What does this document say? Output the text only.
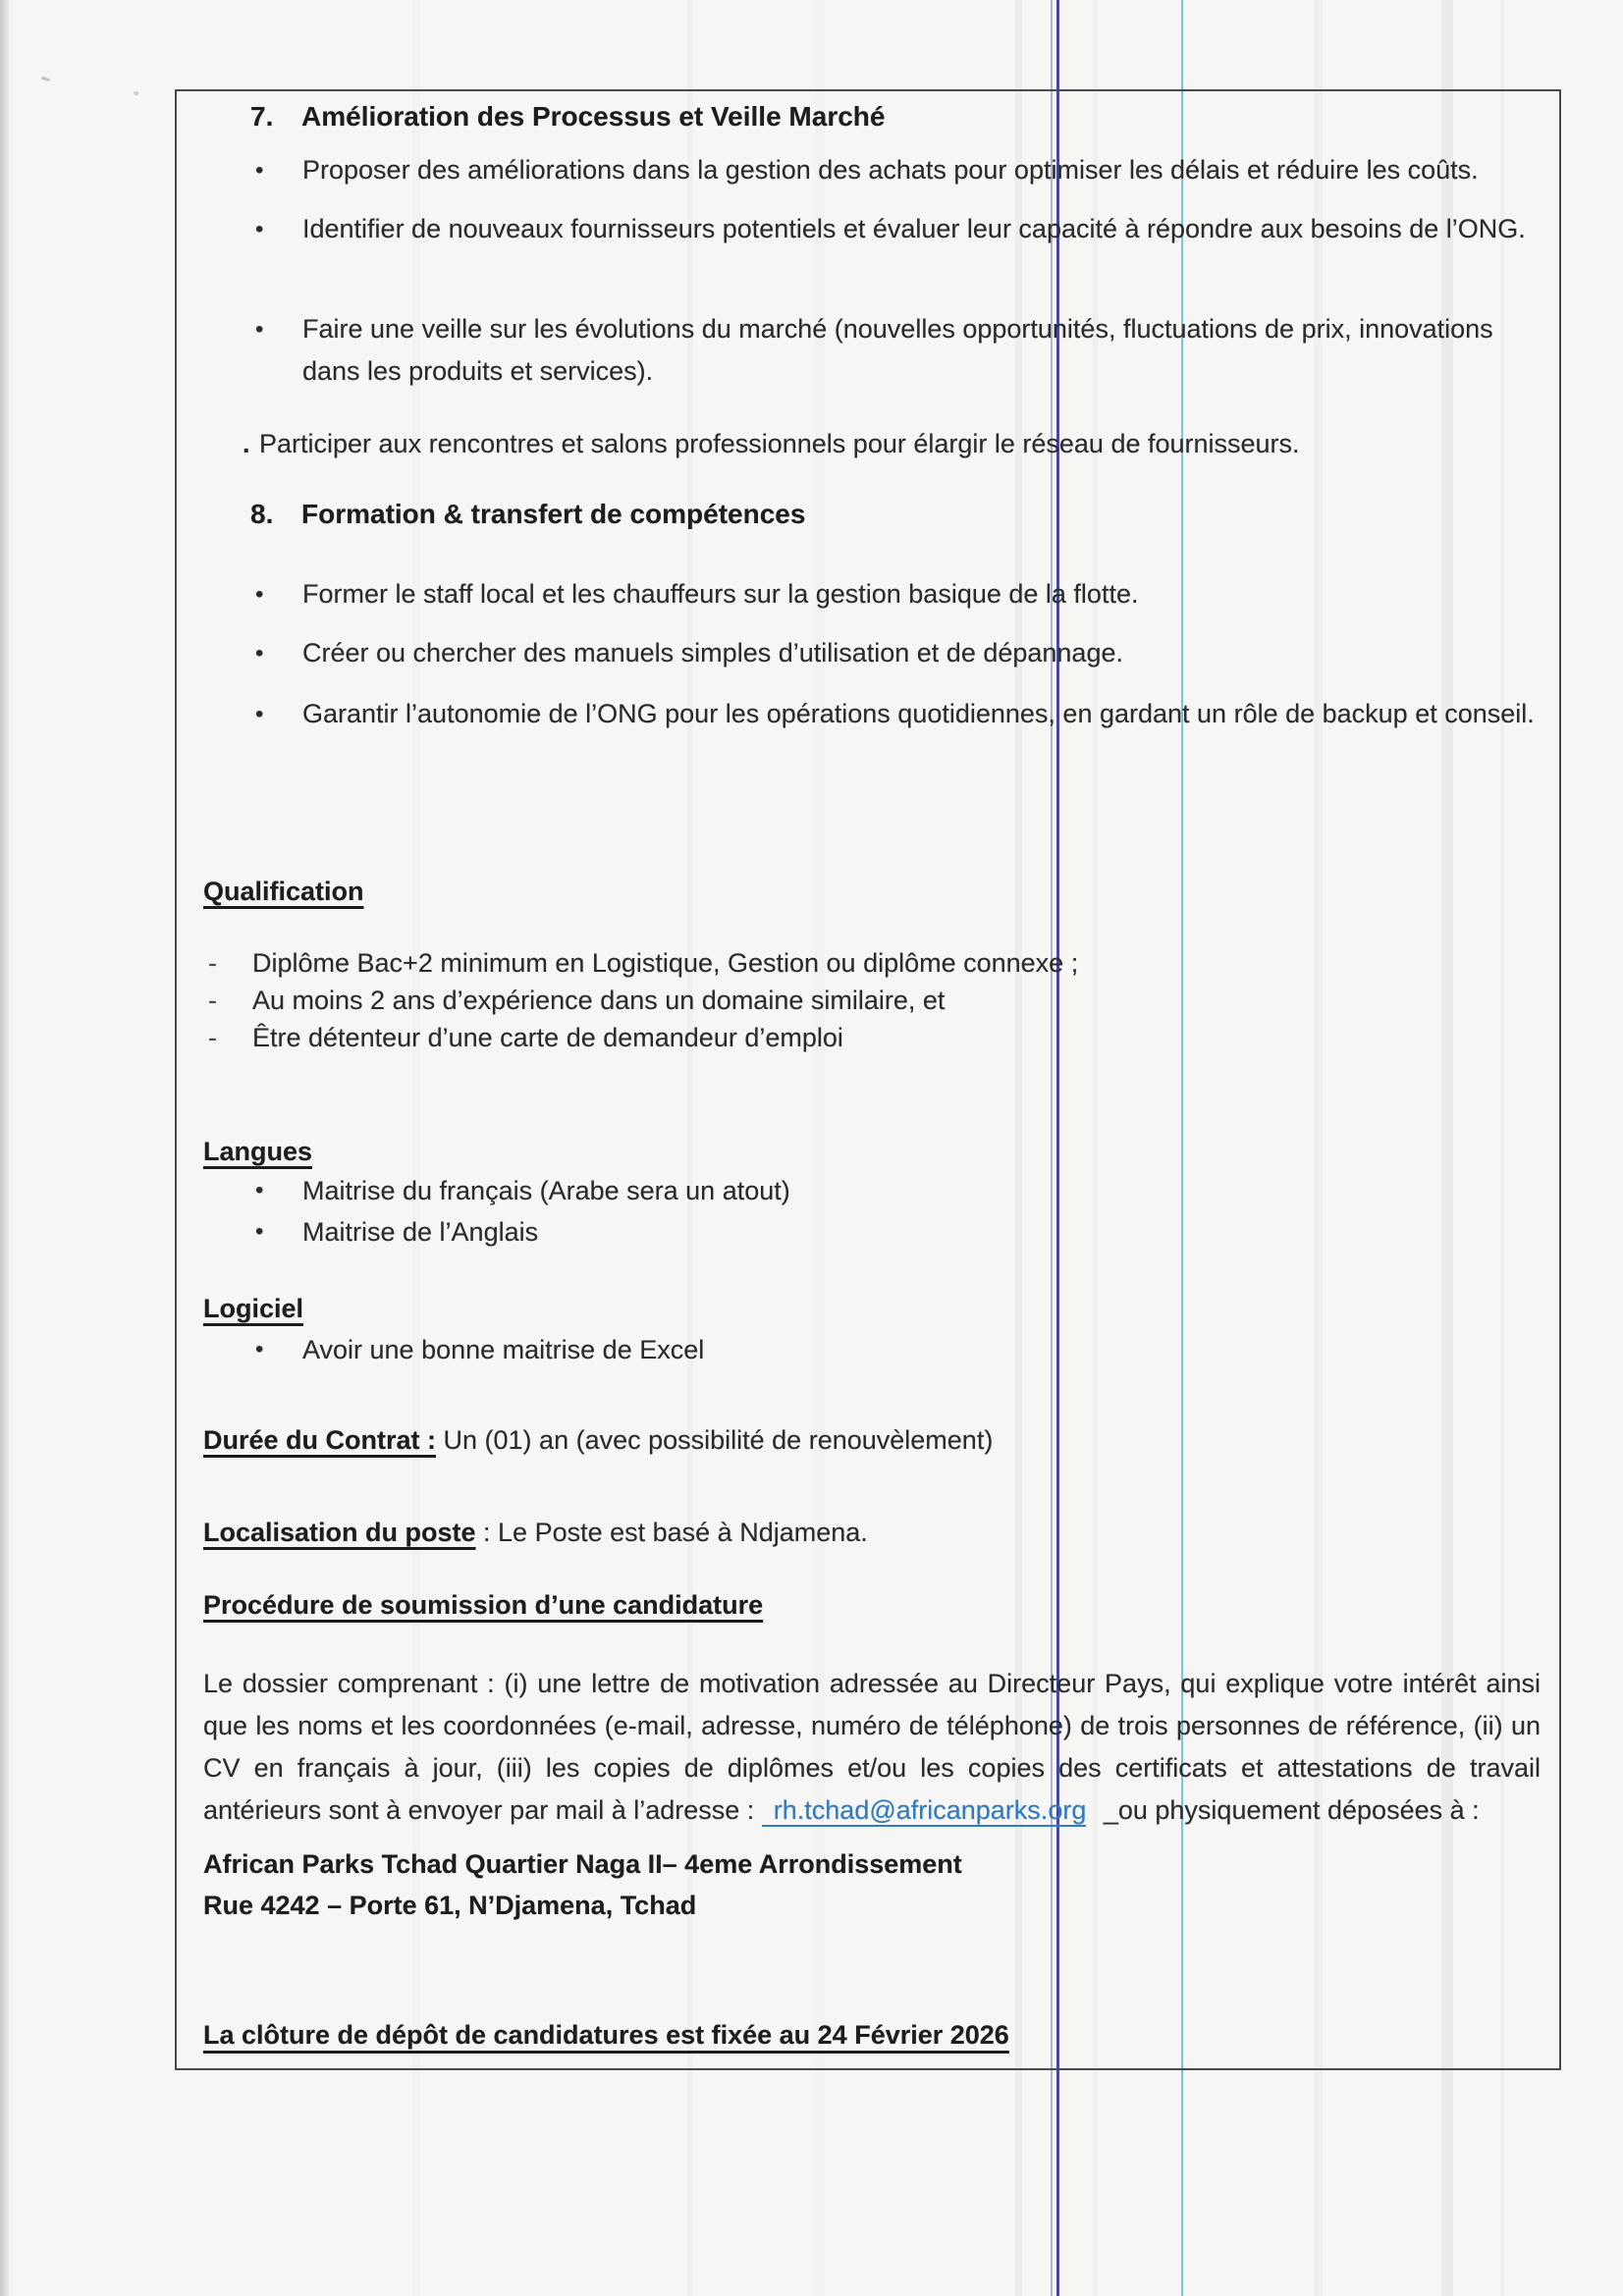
7.	Amélioration des Processus et Veille Marché
•	Proposer des améliorations dans la gestion des achats pour optimiser les délais et réduire les coûts.
•	Identifier de nouveaux fournisseurs potentiels et évaluer leur capacité à répondre aux besoins de l’ONG.
•	Faire une veille sur les évolutions du marché (nouvelles opportunités, fluctuations de prix, innovations dans les produits et services).
. Participer aux rencontres et salons professionnels pour élargir le réseau de fournisseurs.
8.	Formation & transfert de compétences
•	Former le staff local et les chauffeurs sur la gestion basique de la flotte.
•	Créer ou chercher des manuels simples d’utilisation et de dépannage.
•	Garantir l’autonomie de l’ONG pour les opérations quotidiennes, en gardant un rôle de backup et conseil.
Qualification
-	Diplôme Bac+2 minimum en Logistique, Gestion ou diplôme connexe ;
-	Au moins 2 ans d’expérience dans un domaine similaire, et
-	Être détenteur d’une carte de demandeur d’emploi
Langues
•	Maitrise du français (Arabe sera un atout)
•	Maitrise de l’Anglais
Logiciel
•	Avoir une bonne maitrise de Excel
Durée du Contrat : Un (01) an (avec possibilité de renouvèlement)
Localisation du poste : Le Poste est basé à Ndjamena.
Procédure de soumission d’une candidature
Le dossier comprenant : (i) une lettre de motivation adressée au Directeur Pays, qui explique votre intérêt ainsi que les noms et les coordonnées (e-mail, adresse, numéro de téléphone) de trois personnes de référence, (ii) un CV en français à jour, (iii) les copies de diplômes et/ou les copies des certificats et attestations de travail antérieurs sont à envoyer par mail à l’adresse : rh.tchad@africanparks.org _ou physiquement déposées à :
African Parks Tchad Quartier Naga II– 4eme Arrondissement
Rue 4242 – Porte 61, N’Djamena, Tchad
La clôture de dépôt de candidatures est fixée au 24 Février 2026
